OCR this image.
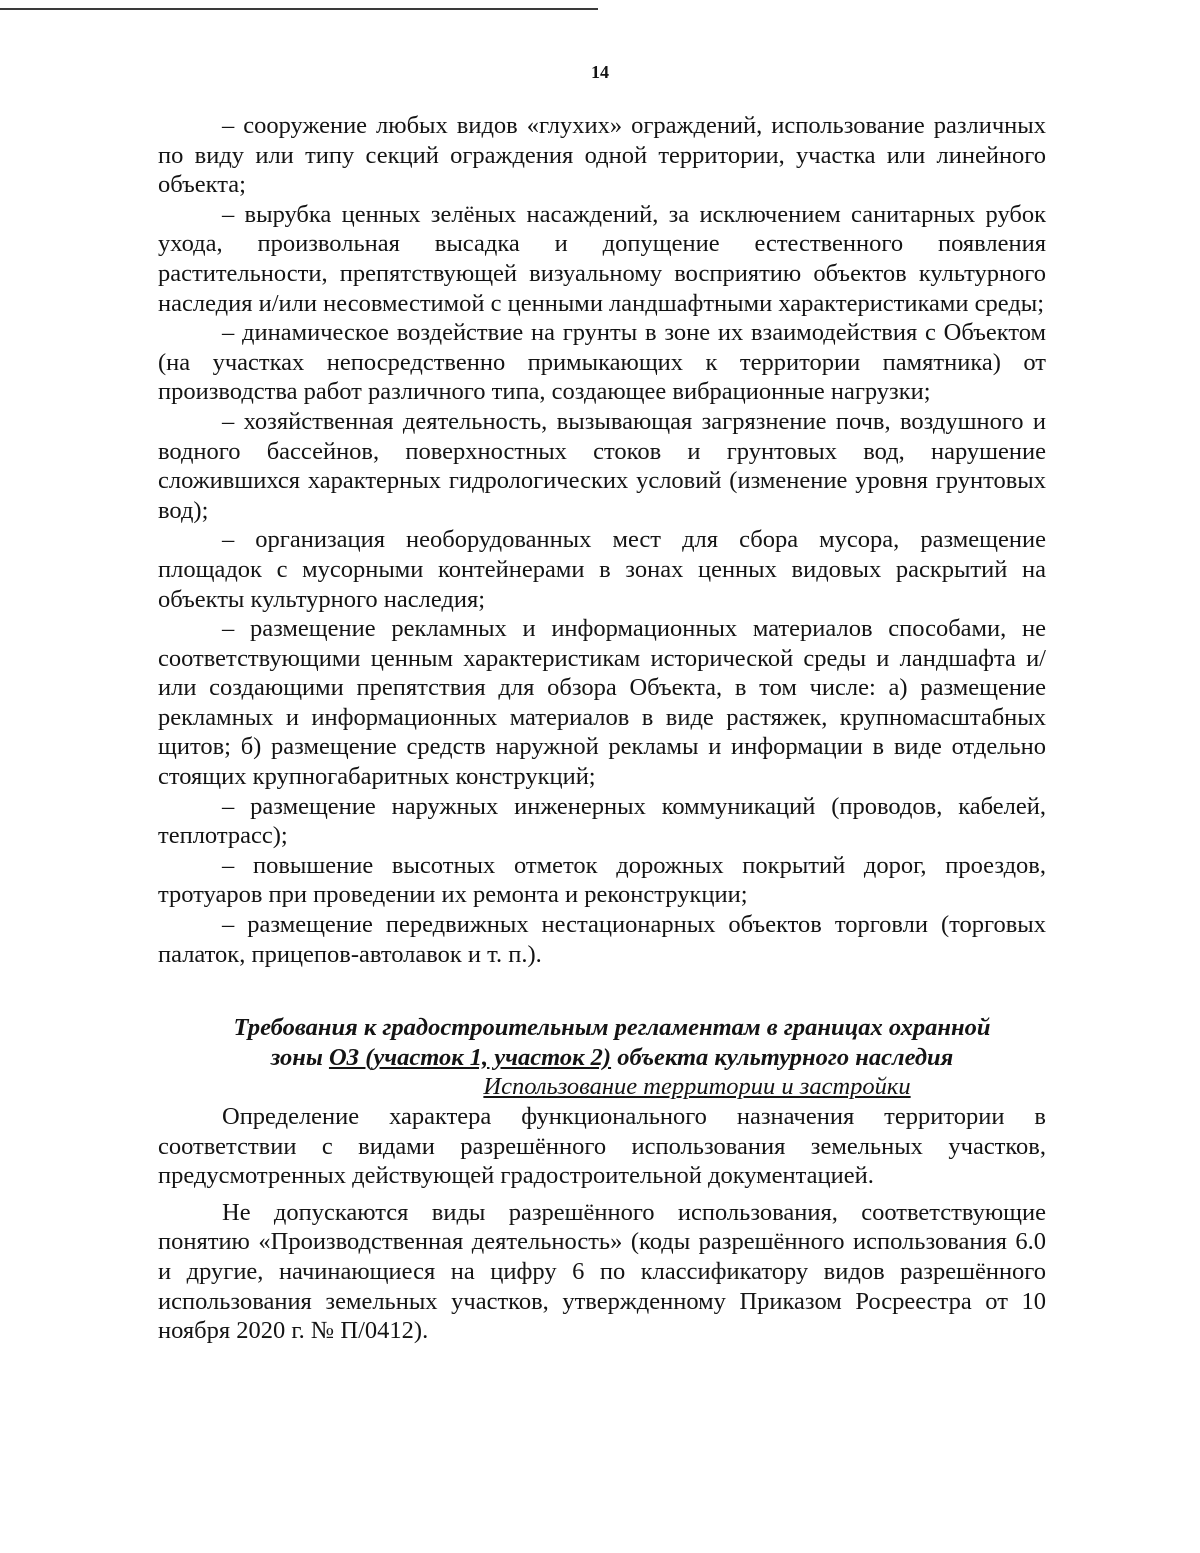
14

– сооружение любых видов «глухих» ограждений, использование различных по виду или типу секций ограждения одной территории, участка или линейного объекта;

– вырубка ценных зелёных насаждений, за исключением санитарных рубок ухода, произвольная высадка и допущение естественного появления растительности, препятствующей визуальному восприятию объектов культурного наследия и/или несовместимой с ценными ландшафтными характеристиками среды;

– динамическое воздействие на грунты в зоне их взаимодействия с Объектом (на участках непосредственно примыкающих к территории памятника) от производства работ различного типа, создающее вибрационные нагрузки;

– хозяйственная деятельность, вызывающая загрязнение почв, воздушного и водного бассейнов, поверхностных стоков и грунтовых вод, нарушение сложившихся характерных гидрологических условий (изменение уровня грунтовых вод);

– организация необорудованных мест для сбора мусора, размещение площадок с мусорными контейнерами в зонах ценных видовых раскрытий на объекты культурного наследия;

– размещение рекламных и информационных материалов способами, не соответствующими ценным характеристикам исторической среды и ландшафта и/или создающими препятствия для обзора Объекта, в том числе: а) размещение рекламных и информационных материалов в виде растяжек, крупномасштабных щитов; б) размещение средств наружной рекламы и информации в виде отдельно стоящих крупногабаритных конструкций;

– размещение наружных инженерных коммуникаций (проводов, кабелей, теплотрасс);

– повышение высотных отметок дорожных покрытий дорог, проездов, тротуаров при проведении их ремонта и реконструкции;

– размещение передвижных нестационарных объектов торговли (торговых палаток, прицепов-автолавок и т. п.).

Требования к градостроительным регламентам в границах охранной зоны ОЗ (участок 1, участок 2) объекта культурного наследия

Использование территории и застройки

Определение характера функционального назначения территории в соответствии с видами разрешённого использования земельных участков, предусмотренных действующей градостроительной документацией.

Не допускаются виды разрешённого использования, соответствующие понятию «Производственная деятельность» (коды разрешённого использования 6.0 и другие, начинающиеся на цифру 6 по классификатору видов разрешённого использования земельных участков, утвержденному Приказом Росреестра от 10 ноября 2020 г. № П/0412).
